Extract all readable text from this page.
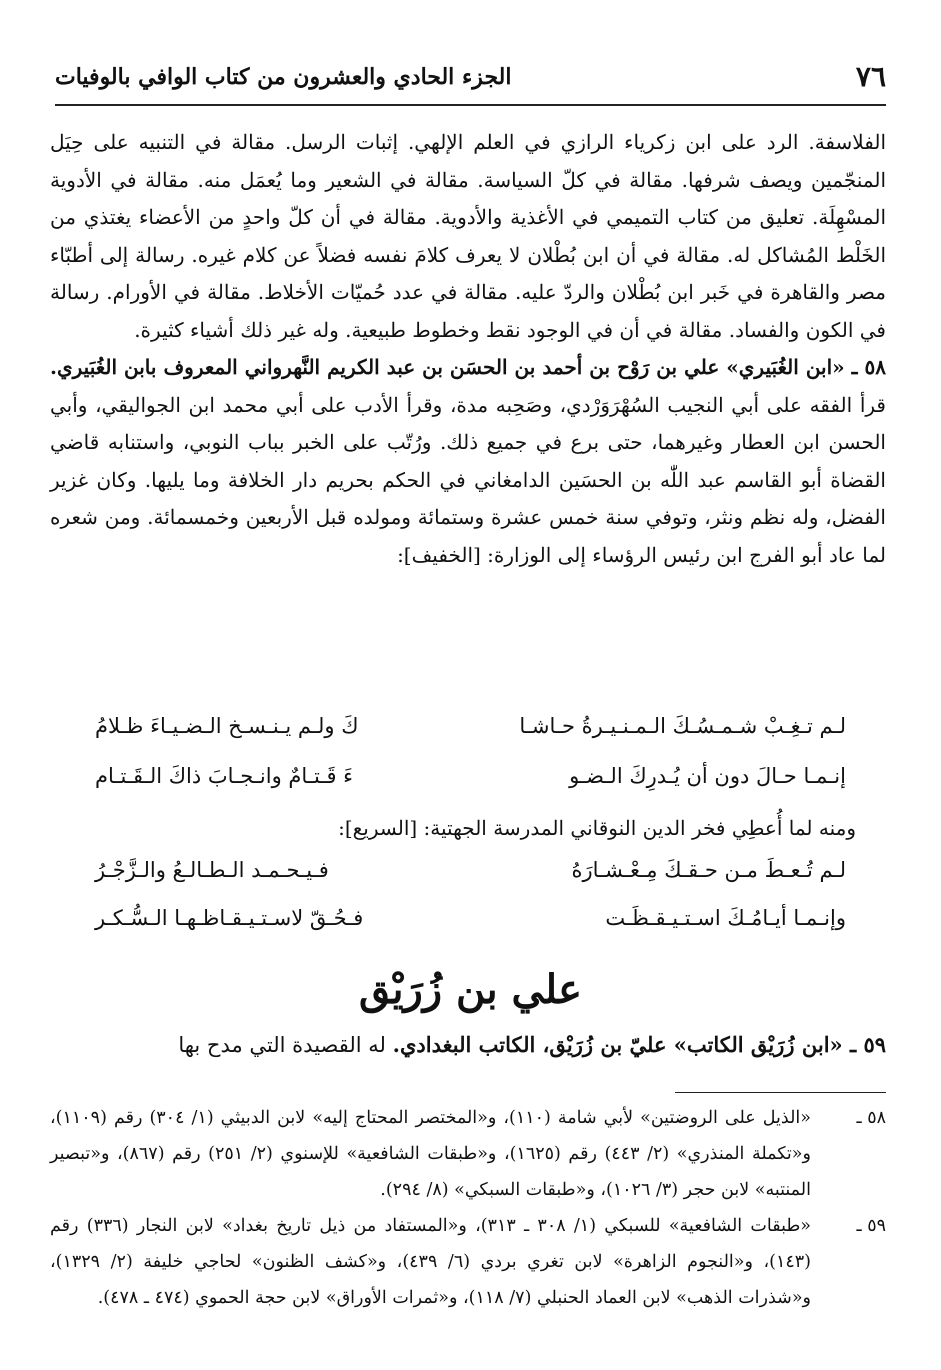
٧٦
الجزء الحادي والعشرون من كتاب الوافي بالوفيات

الفلاسفة. الرد على ابن زكرياء الرازي في العلم الإلهي. إثبات الرسل. مقالة في التنبيه على حِيَل المنجّمين ويصف شرفها. مقالة في كلّ السياسة. مقالة في الشعير وما يُعمَل منه. مقالة في الأدوية المسْهِلَة. تعليق من كتاب التميمي في الأغذية والأدوية. مقالة في أن كلّ واحدٍ من الأعضاء يغتذي من الخَلْط المُشاكل له. مقالة في أن ابن بُطْلان لا يعرف كلامَ نفسه فضلاً عن كلام غيره. رسالة إلى أطبّاء مصر والقاهرة في خَبر ابن بُطْلان والردّ عليه. مقالة في عدد حُميّات الأخلاط. مقالة في الأورام. رسالة في الكون والفساد. مقالة في أن في الوجود نقط وخطوط طبيعية. وله غير ذلك أشياء كثيرة.

٥٨ ـ «ابن الغُبَيري» علي بن رَوْح بن أحمد بن الحسَن بن عبد الكريم النَّهرواني المعروف بابن الغُبَيري. قرأ الفقه على أبي النجيب السُهْرَوَرْدي، وصَحِبه مدة، وقرأ الأدب على أبي محمد ابن الجواليقي، وأبي الحسن ابن العطار وغيرهما، حتى برع في جميع ذلك. ورُتّب على الخبر بباب النوبي، واستنابه قاضي القضاة أبو القاسم عبد اللّٰه بن الحسَين الدامغاني في الحكم بحريم دار الخلافة وما يليها. وكان غزير الفضل، وله نظم ونثر، وتوفي سنة خمس عشرة وستمائة ومولده قبل الأربعين وخمسمائة. ومن شعره لما عاد أبو الفرج ابن رئيس الرؤساء إلى الوزارة: [الخفيف]:

لـم تـغِـبْ شـمـسُـكَ الـمـنـيـرةُ حـاشـا
كَ ولـم يـنـسـخ الـضـيـاءَ ظـلامُ
إنـمـا حـالَ دون أن يُـدرِكَ الـضـو
ءَ قَـتـامٌ وانـجـابَ ذاكَ الـقَـتـام
ومنه لما أُعطِي فخر الدين النوقاني المدرسة الجهتية: [السريع]:
لـم تُـعـطَ مـن حـقـكَ مِـعْـشـارَهُ
فـيـحـمـد الـطـالـعُ والـزَّجْـرُ
وإنـمـا أيـامُـكَ اسـتـيـقـظَـت
فـحُـقّ لاسـتـيـقـاظـهـا الـسُّـكـر
علي بن زُرَيْق
٥٩ ـ «ابن زُرَيْق الكاتب» عليّ بن زُرَيْق، الكاتب البغدادي. له القصيدة التي مدح بها
٥٨ ـ
«الذيل على الروضتين» لأبي شامة (١١٠)، و«المختصر المحتاج إليه» لابن الدبيثي (١/ ٣٠٤) رقم (١١٠٩)، و«تكملة المنذري» (٢/ ٤٤٣) رقم (١٦٢٥)، و«طبقات الشافعية» للإسنوي (٢/ ٢٥١) رقم (٨٦٧)، و«تبصير المنتبه» لابن حجر (٣/ ١٠٢٦)، و«طبقات السبكي» (٨/ ٢٩٤).
٥٩ ـ
«طبقات الشافعية» للسبكي (١/ ٣٠٨ ـ ٣١٣)، و«المستفاد من ذيل تاريخ بغداد» لابن النجار (٣٣٦) رقم (١٤٣)، و«النجوم الزاهرة» لابن تغري بردي (٦/ ٤٣٩)، و«كشف الظنون» لحاجي خليفة (٢/ ١٣٢٩)، و«شذرات الذهب» لابن العماد الحنبلي (٧/ ١١٨)، و«ثمرات الأوراق» لابن حجة الحموي (٤٧٤ ـ ٤٧٨).
